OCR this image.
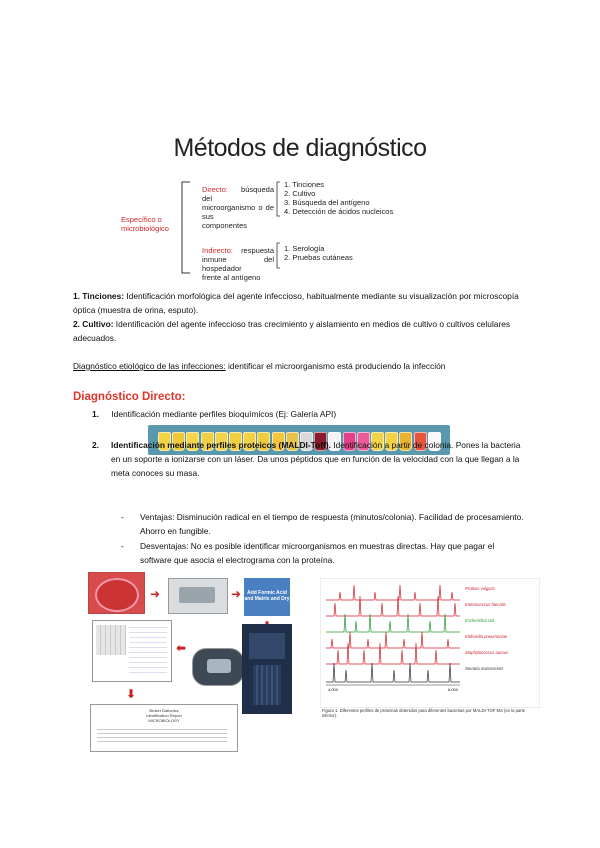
Métodos de diagnóstico
Específico o microbiológico
Directo: búsqueda del
microorganismo o de sus
componentes
1. Tinciones
2. Cultivo
3. Búsqueda del antígeno
4. Detección de ácidos nucleicos
Indirecto: respuesta
inmune del hospedador
frente al antígeno
1. Serología
2. Pruebas cutáneas
1. Tinciones: Identificación morfológica del agente infeccioso, habitualmente mediante su visualización por microscopía óptica (muestra de orina, esputo).
2. Cultivo: Identificación del agente infeccioso tras crecimiento y aislamiento en medios de cultivo o cultivos celulares adecuados.
Diagnóstico etiológico de las infecciones: identificar el microorganismo está produciendo la infección
Diagnóstico Directo:
1. Identificación mediante perfiles bioquímicos (Ej: Galería API)
2. Identificación mediante perfiles proteicos (MALDI-Toff). Identificación a partir de colonia. Pones la bacteria en un soporte a ionizarse con un láser. Da unos péptidos que en función de la velocidad con la que llegan a la meta conoces su masa.
- Ventajas: Disminución radical en el tiempo de respuesta (minutos/colonia). Facilidad de procesamiento. Ahorro en fungible.
- Desventajas: No es posible identificar microorganismos en muestras directas. Hay que pagar el software que asocia el electrograma con la proteína.
➜	➜	Add Formic Acid and Matrix and Dry
⬅
⬇
Bruker Daltonics
Identification Report
MICROBIOLOGY
Proteus vulgaris
Enterococcus faecalis
Escherichia coli
Klebsiella pneumoniae
Staphylococcus aureus
Serratia marcescens
4,000	6,000
Figura 1. Diferentes perfiles de proteínas obtenidos para diferentes bacterias por MALDI-TOF MS (en la parte inferior).
